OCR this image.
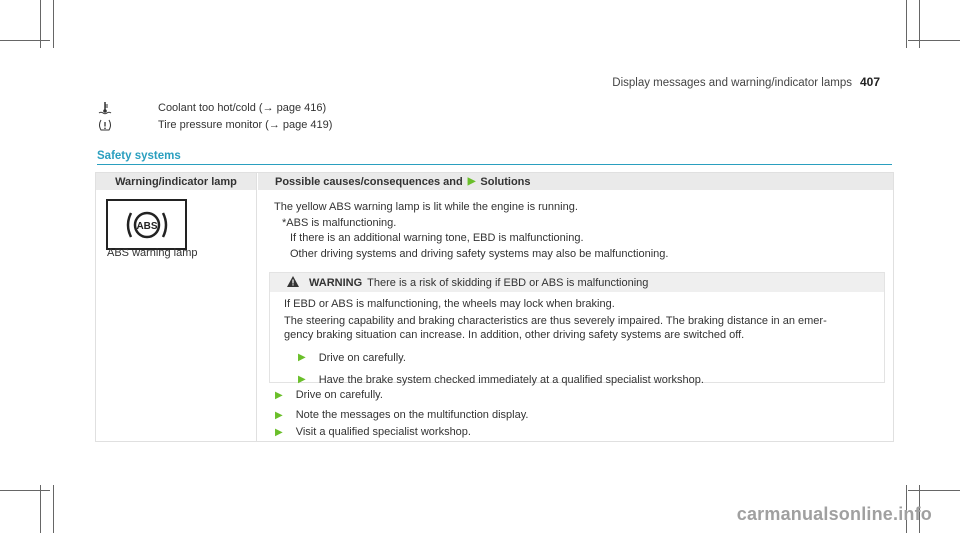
Display messages and warning/indicator lamps 407
Coolant too hot/cold (→ page 416)
Tire pressure monitor (→ page 419)
Safety systems
Warning/indicator lamp	Possible causes/consequences and ▶ Solutions
ABS
ABS warning lamp
The yellow ABS warning lamp is lit while the engine is running.
*ABS is malfunctioning.
If there is an additional warning tone, EBD is malfunctioning.
Other driving systems and driving safety systems may also be malfunctioning.
WARNING There is a risk of skidding if EBD or ABS is malfunctioning
If EBD or ABS is malfunctioning, the wheels may lock when braking.
The steering capability and braking characteristics are thus severely impaired. The braking distance in an emer-
gency braking situation can increase. In addition, other driving safety systems are switched off.
▶ Drive on carefully.
▶ Have the brake system checked immediately at a qualified specialist workshop.
▶ Drive on carefully.
▶ Note the messages on the multifunction display.
▶ Visit a qualified specialist workshop.
carmanualsonline.info
